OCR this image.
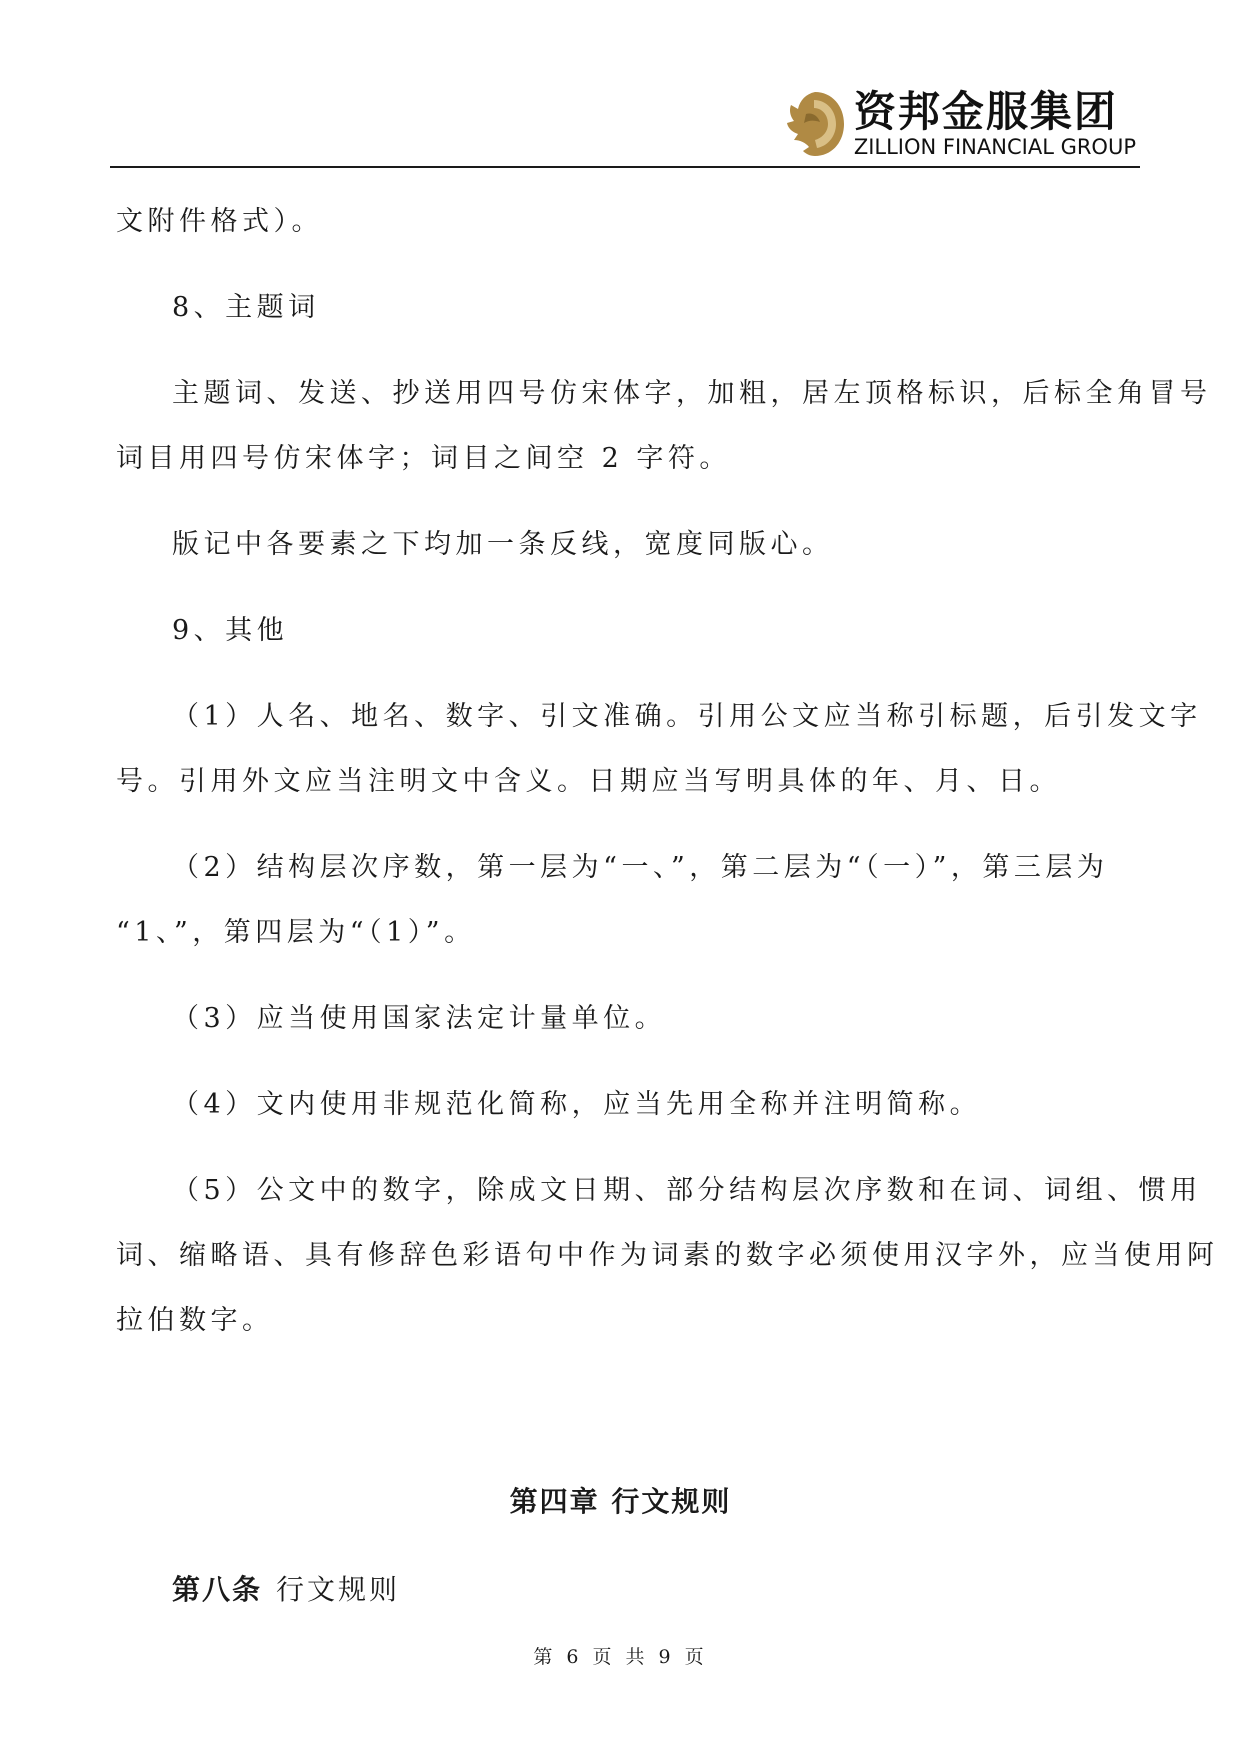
资邦金服集团
ZILLION FINANCIAL GROUP
文附件格式）。
8、主题词
主题词、发送、抄送用四号仿宋体字，加粗，居左顶格标识，后标全角冒号
词目用四号仿宋体字；词目之间空 2 字符。
版记中各要素之下均加一条反线，宽度同版心。
9、其他
（1）人名、地名、数字、引文准确。引用公文应当称引标题，后引发文字
号。引用外文应当注明文中含义。日期应当写明具体的年、月、日。
（2）结构层次序数，第一层为“一、”，第二层为“（一）”，第三层为
“1、”，第四层为“（1）”。
（3）应当使用国家法定计量单位。
（4）文内使用非规范化简称，应当先用全称并注明简称。
（5）公文中的数字，除成文日期、部分结构层次序数和在词、词组、惯用
词、缩略语、具有修辞色彩语句中作为词素的数字必须使用汉字外，应当使用阿
拉伯数字。
第四章 行文规则
第八条 行文规则
第 6 页 共 9 页
